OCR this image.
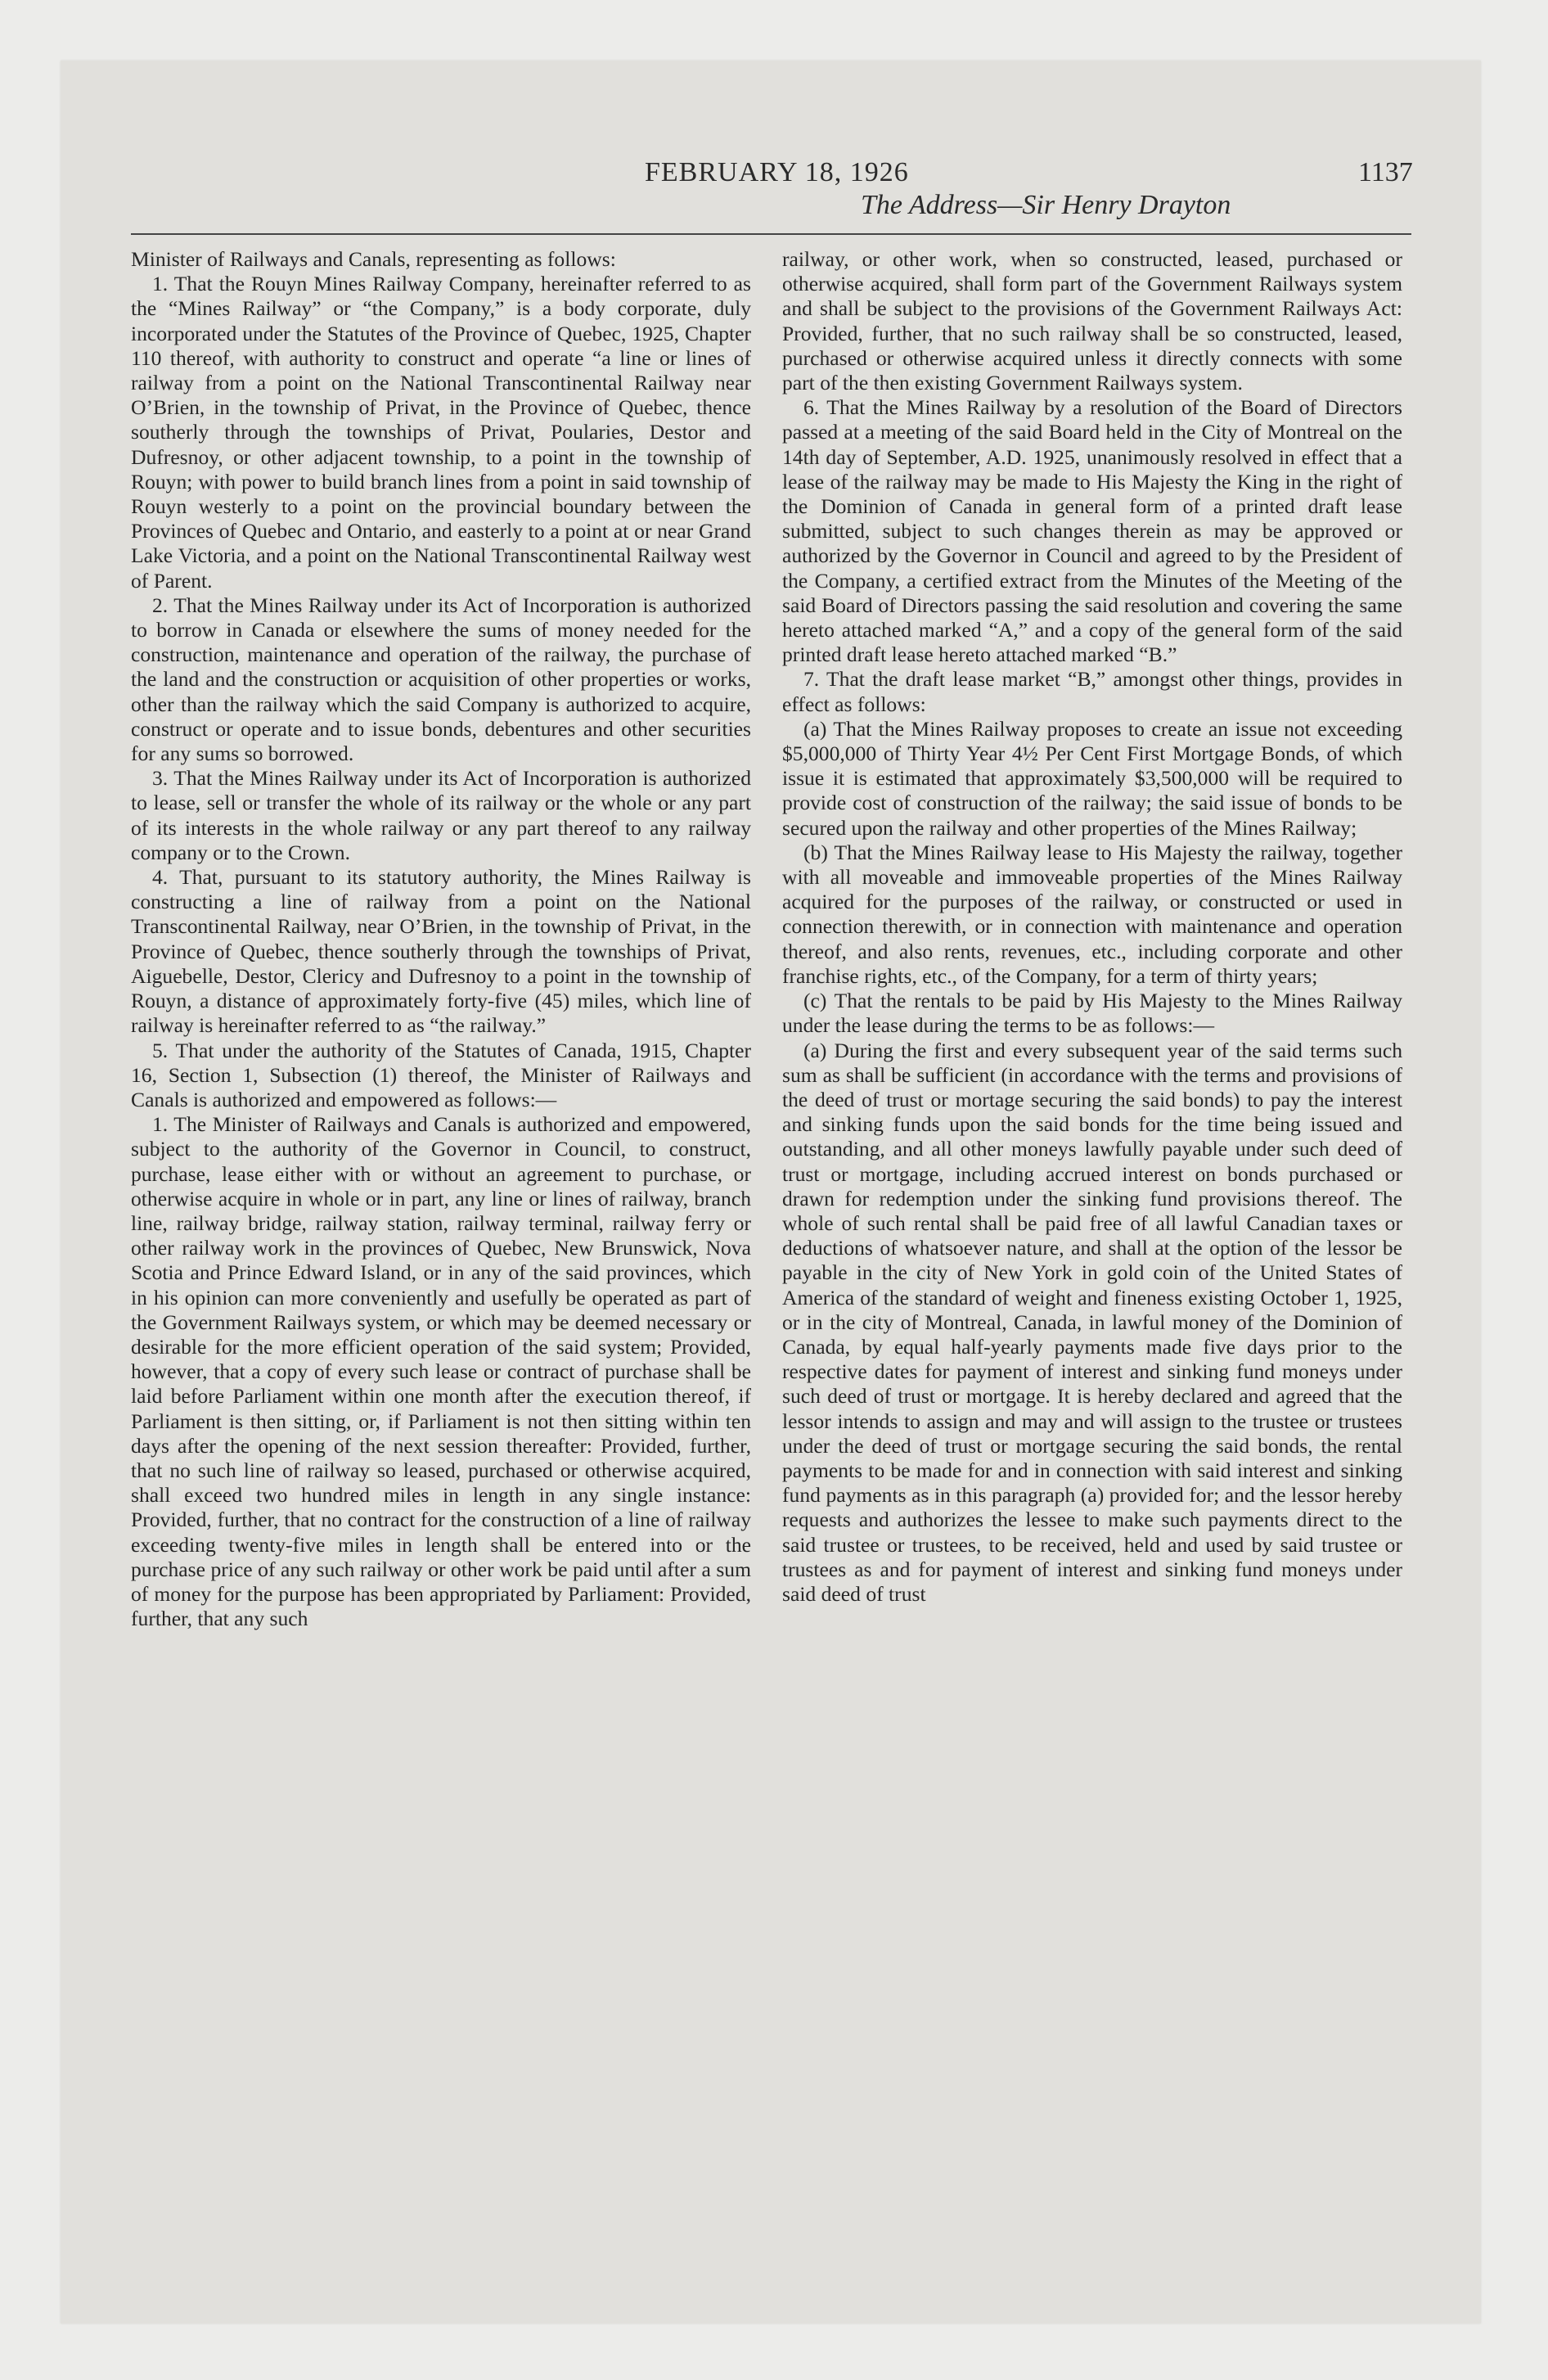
FEBRUARY 18, 1926	1137
The Address—Sir Henry Drayton

Minister of Railways and Canals, representing as follows:

1. That the Rouyn Mines Railway Company, hereinafter referred to as the “Mines Railway” or “the Company,” is a body corporate, duly incorporated under the Statutes of the Province of Quebec, 1925, Chapter 110 thereof, with authority to construct and operate “a line or lines of railway from a point on the National Transcontinental Railway near O’Brien, in the township of Privat, in the Province of Quebec, thence southerly through the townships of Privat, Poularies, Destor and Dufresnoy, or other adjacent township, to a point in the township of Rouyn; with power to build branch lines from a point in said township of Rouyn westerly to a point on the provincial boundary between the Provinces of Quebec and Ontario, and easterly to a point at or near Grand Lake Victoria, and a point on the National Transcontinental Railway west of Parent.

2. That the Mines Railway under its Act of Incorporation is authorized to borrow in Canada or elsewhere the sums of money needed for the construction, maintenance and operation of the railway, the purchase of the land and the construction or acquisition of other properties or works, other than the railway which the said Company is authorized to acquire, construct or operate and to issue bonds, debentures and other securities for any sums so borrowed.

3. That the Mines Railway under its Act of Incorporation is authorized to lease, sell or transfer the whole of its railway or the whole or any part of its interests in the whole railway or any part thereof to any railway company or to the Crown.

4. That, pursuant to its statutory authority, the Mines Railway is constructing a line of railway from a point on the National Transcontinental Railway, near O’Brien, in the township of Privat, in the Province of Quebec, thence southerly through the townships of Privat, Aiguebelle, Destor, Clericy and Dufresnoy to a point in the township of Rouyn, a distance of approximately forty-five (45) miles, which line of railway is hereinafter referred to as “the railway.”

5. That under the authority of the Statutes of Canada, 1915, Chapter 16, Section 1, Subsection (1) thereof, the Minister of Railways and Canals is authorized and empowered as follows:—

1. The Minister of Railways and Canals is authorized and empowered, subject to the authority of the Governor in Council, to construct, purchase, lease either with or without an agreement to purchase, or otherwise acquire in whole or in part, any line or lines of railway, branch line, railway bridge, railway station, railway terminal, railway ferry or other railway work in the provinces of Quebec, New Brunswick, Nova Scotia and Prince Edward Island, or in any of the said provinces, which in his opinion can more conveniently and usefully be operated as part of the Government Railways system, or which may be deemed necessary or desirable for the more efficient operation of the said system; Provided, however, that a copy of every such lease or contract of purchase shall be laid before Parliament within one month after the execution thereof, if Parliament is then sitting, or, if Parliament is not then sitting within ten days after the opening of the next session thereafter: Provided, further, that no such line of railway so leased, purchased or otherwise acquired, shall exceed two hundred miles in length in any single instance: Provided, further, that no contract for the construction of a line of railway exceeding twenty-five miles in length shall be entered into or the purchase price of any such railway or other work be paid until after a sum of money for the purpose has been appropriated by Parliament: Provided, further, that any such

railway, or other work, when so constructed, leased, purchased or otherwise acquired, shall form part of the Government Railways system and shall be subject to the provisions of the Government Railways Act: Provided, further, that no such railway shall be so constructed, leased, purchased or otherwise acquired unless it directly connects with some part of the then existing Government Railways system.

6. That the Mines Railway by a resolution of the Board of Directors passed at a meeting of the said Board held in the City of Montreal on the 14th day of September, A.D. 1925, unanimously resolved in effect that a lease of the railway may be made to His Majesty the King in the right of the Dominion of Canada in general form of a printed draft lease submitted, subject to such changes therein as may be approved or authorized by the Governor in Council and agreed to by the President of the Company, a certified extract from the Minutes of the Meeting of the said Board of Directors passing the said resolution and covering the same hereto attached marked “A,” and a copy of the general form of the said printed draft lease hereto attached marked “B.”

7. That the draft lease market “B,” amongst other things, provides in effect as follows:

(a) That the Mines Railway proposes to create an issue not exceeding $5,000,000 of Thirty Year 4½ Per Cent First Mortgage Bonds, of which issue it is estimated that approximately $3,500,000 will be required to provide cost of construction of the railway; the said issue of bonds to be secured upon the railway and other properties of the Mines Railway;

(b) That the Mines Railway lease to His Majesty the railway, together with all moveable and immoveable properties of the Mines Railway acquired for the purposes of the railway, or constructed or used in connection therewith, or in connection with maintenance and operation thereof, and also rents, revenues, etc., including corporate and other franchise rights, etc., of the Company, for a term of thirty years;

(c) That the rentals to be paid by His Majesty to the Mines Railway under the lease during the terms to be as follows:—

(a) During the first and every subsequent year of the said terms such sum as shall be sufficient (in accordance with the terms and provisions of the deed of trust or mortage securing the said bonds) to pay the interest and sinking funds upon the said bonds for the time being issued and outstanding, and all other moneys lawfully payable under such deed of trust or mortgage, including accrued interest on bonds purchased or drawn for redemption under the sinking fund provisions thereof. The whole of such rental shall be paid free of all lawful Canadian taxes or deductions of whatsoever nature, and shall at the option of the lessor be payable in the city of New York in gold coin of the United States of America of the standard of weight and fineness existing October 1, 1925, or in the city of Montreal, Canada, in lawful money of the Dominion of Canada, by equal half-yearly payments made five days prior to the respective dates for payment of interest and sinking fund moneys under such deed of trust or mortgage. It is hereby declared and agreed that the lessor intends to assign and may and will assign to the trustee or trustees under the deed of trust or mortgage securing the said bonds, the rental payments to be made for and in connection with said interest and sinking fund payments as in this paragraph (a) provided for; and the lessor hereby requests and authorizes the lessee to make such payments direct to the said trustee or trustees, to be received, held and used by said trustee or trustees as and for payment of interest and sinking fund moneys under said deed of trust
